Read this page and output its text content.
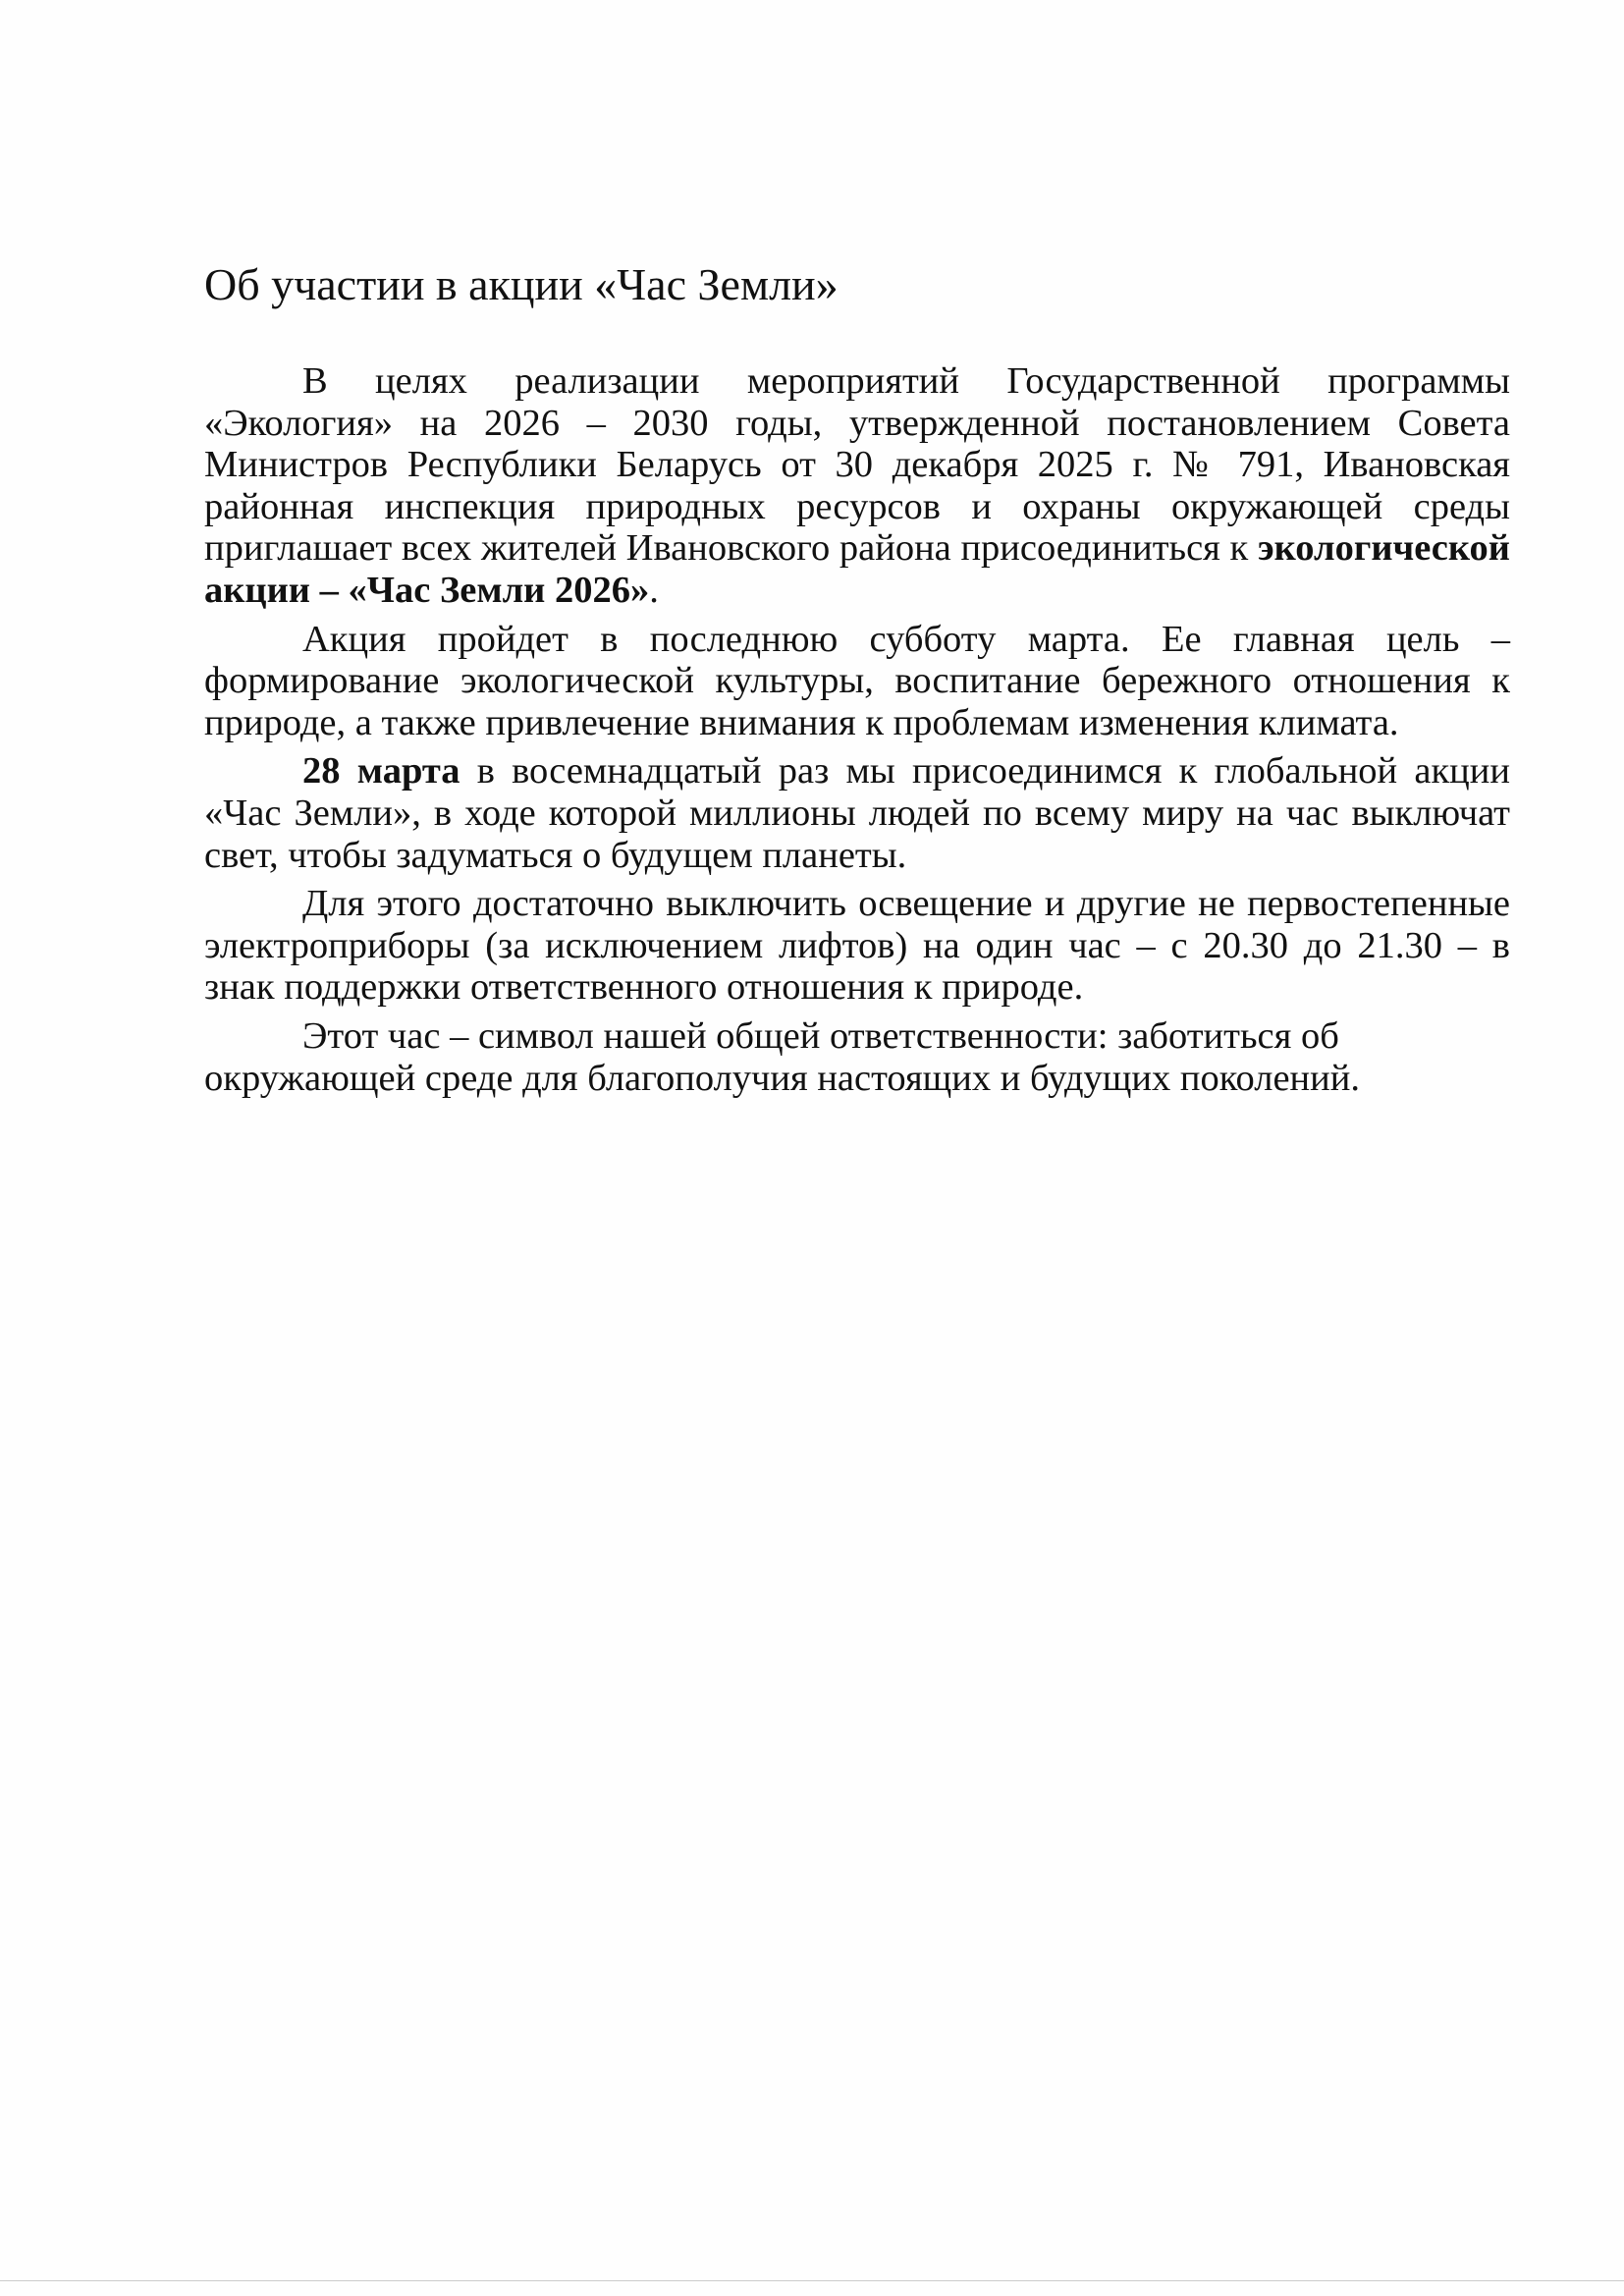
Об участии в акции «Час Земли»

В целях реализации мероприятий Государственной программы «Экология» на 2026 – 2030 годы, утвержденной постановлением Совета Министров Республики Беларусь от 30 декабря 2025 г. № 791, Ивановская районная инспекция природных ресурсов и охраны окружающей среды приглашает всех жителей Ивановского района присоединиться к экологической акции – «Час Земли 2026».

Акция пройдет в последнюю субботу марта. Ее главная цель – формирование экологической культуры, воспитание бережного отношения к природе, а также привлечение внимания к проблемам изменения климата.

28 марта в восемнадцатый раз мы присоединимся к глобальной акции «Час Земли», в ходе которой миллионы людей по всему миру на час выключат свет, чтобы задуматься о будущем планеты.

Для этого достаточно выключить освещение и другие не первостепенные электроприборы (за исключением лифтов) на один час – с 20.30 до 21.30 – в знак поддержки ответственного отношения к природе.

Этот час – символ нашей общей ответственности: заботиться об окружающей среде для благополучия настоящих и будущих поколений.
